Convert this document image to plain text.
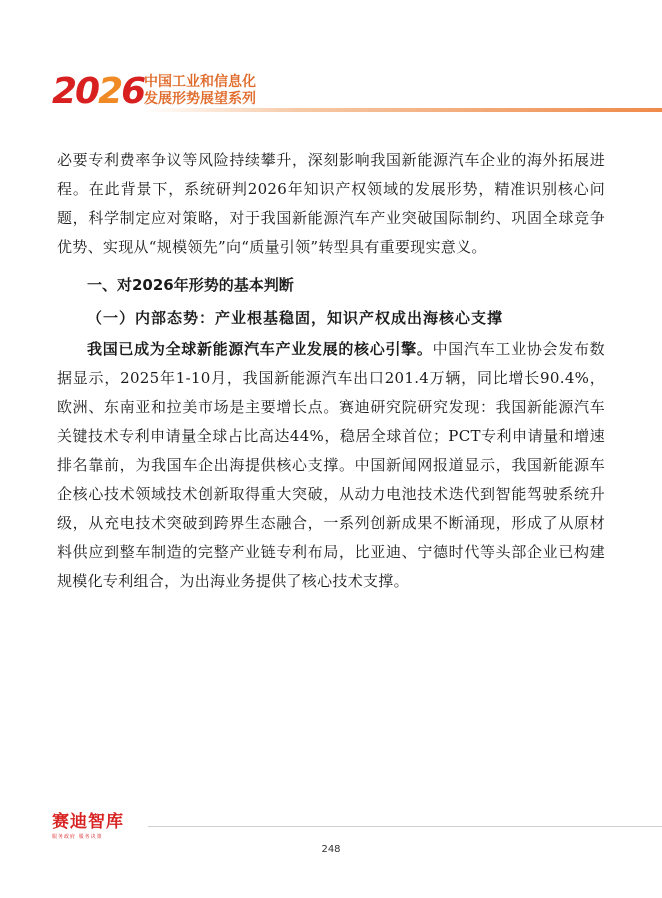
2026 中国工业和信息化
发展形势展望系列

必要专利费率争议等风险持续攀升，深刻影响我国新能源汽车企业的海外拓展进程。在此背景下，系统研判2026年知识产权领域的发展形势，精准识别核心问题，科学制定应对策略，对于我国新能源汽车产业突破国际制约、巩固全球竞争优势、实现从“规模领先”向“质量引领”转型具有重要现实意义。

一、对2026年形势的基本判断
（一）内部态势：产业根基稳固，知识产权成出海核心支撑

我国已成为全球新能源汽车产业发展的核心引擎。中国汽车工业协会发布数据显示，2025年1-10月，我国新能源汽车出口201.4万辆，同比增长90.4%，欧洲、东南亚和拉美市场是主要增长点。赛迪研究院研究发现：我国新能源汽车关键技术专利申请量全球占比高达44%，稳居全球首位；PCT专利申请量和增速排名靠前，为我国车企出海提供核心支撑。中国新闻网报道显示，我国新能源车企核心技术领域技术创新取得重大突破，从动力电池技术迭代到智能驾驶系统升级，从充电技术突破到跨界生态融合，一系列创新成果不断涌现，形成了从原材料供应到整车制造的完整产业链专利布局，比亚迪、宁德时代等头部企业已构建规模化专利组合，为出海业务提供了核心技术支撑。

赛迪智库
服务政府 服务决策
248
